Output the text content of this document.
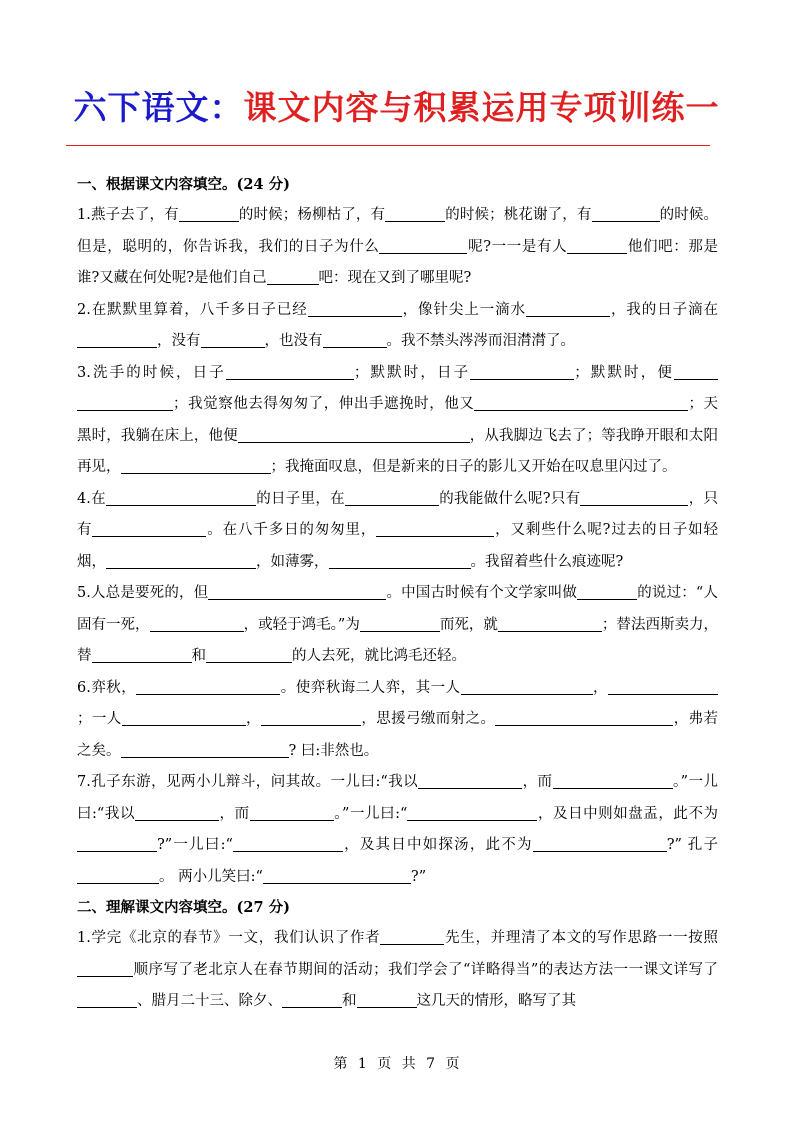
六下语文：课文内容与积累运用专项训练一
一、根据课文内容填空。(24 分)
1.燕子去了，有	的时候；杨柳枯了，有	的时候；桃花谢了，有	的时候。但是，聪明的，你告诉我，我们的日子为什么	呢?一一是有人	他们吧：那是谁?又藏在何处呢?是他们自己	吧：现在又到了哪里呢?
2.在默默里算着，八千多日子已经	，像针尖上一滴水	，我的日子滴在，没有	，也没有	。我不禁头涔涔而泪潸潸了。
3.洗手的时候，日子	；默默时，日子	；默默时，便；我觉察他去得匆匆了，伸出手遮挽时，他又	；天黑时，我躺在床上，他便	，从我脚边飞去了；等我睁开眼和太阳再见，	；我掩面叹息，但是新来的日子的影儿又开始在叹息里闪过了。
4.在	的日子里，在	的我能做什么呢?只有	，只有	。在八千多日的匆匆里，	，又剩些什么呢?过去的日子如轻烟，	，如薄雾，	。我留着些什么痕迹呢?
5.人总是要死的，但	。中国古时候有个文学家叫做	的说过：“人固有一死，	，或轻于鸿毛。”为	而死，就	；替法西斯卖力，替	和	的人去死，就比鸿毛还轻。
6.弈秋，	。使弈秋诲二人弈，其一人	，；一人	，	，思援弓缴而射之。	，弗若之矣。	? 曰:非然也。
7.孔子东游，见两小儿辩斗，问其故。一儿曰:“我以	，而	。”一儿曰:“我以	，而	。”一儿曰:“	，及日中则如盘盂，此不为?”一儿曰:“	，及其日中如探汤，此不为	?” 孔子。 两小儿笑曰:“	?”
二、理解课文内容填空。(27 分)
1.学完《北京的春节》一文，我们认识了作者	先生，并理清了本文的写作思路一一按照顺序写了老北京人在春节期间的活动；我们学会了“详略得当”的表达方法一一课文详写了、腊月二十三、除夕、	和	这几天的情形，略写了其
第 1 页 共 7 页
